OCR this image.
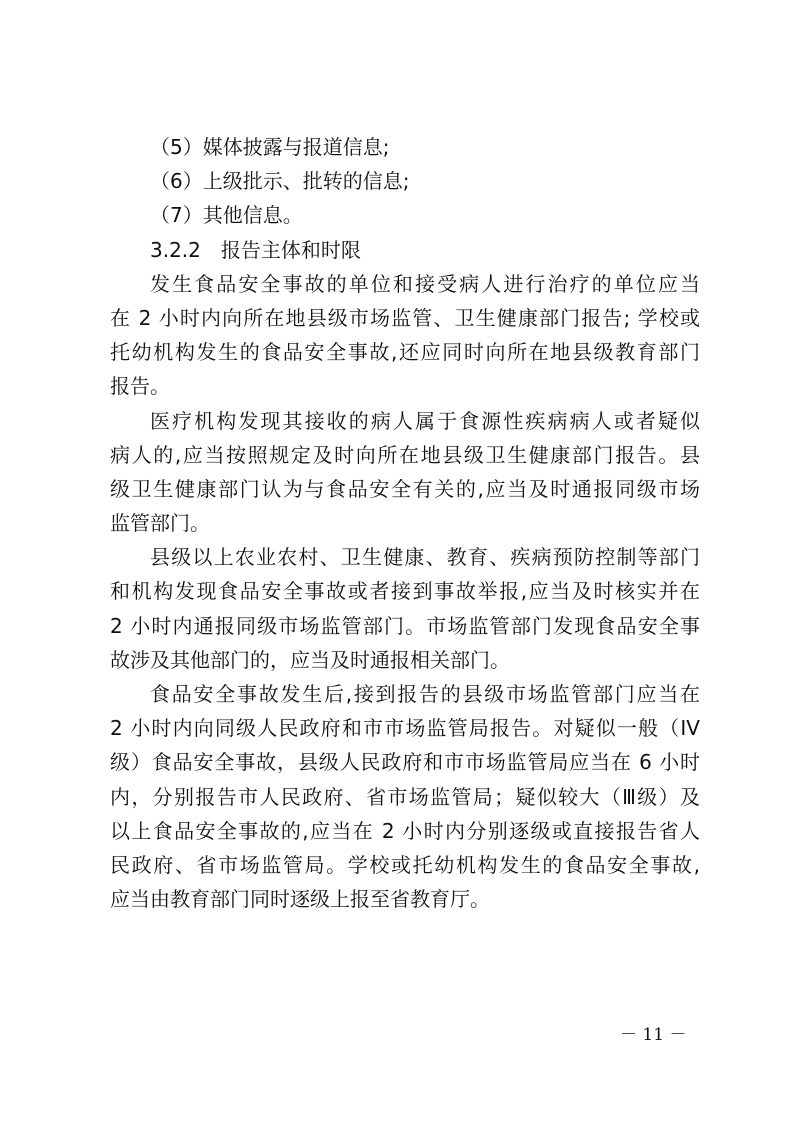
（5）媒体披露与报道信息;
（6）上级批示、批转的信息;
（7）其他信息。
3.2.2　报告主体和时限
发生食品安全事故的单位和接受病人进行治疗的单位应当
在 2 小时内向所在地县级市场监管、卫生健康部门报告; 学校或
托幼机构发生的食品安全事故,还应同时向所在地县级教育部门
报告。
医疗机构发现其接收的病人属于食源性疾病病人或者疑似
病人的,应当按照规定及时向所在地县级卫生健康部门报告。县
级卫生健康部门认为与食品安全有关的,应当及时通报同级市场
监管部门。
县级以上农业农村、卫生健康、教育、疾病预防控制等部门
和机构发现食品安全事故或者接到事故举报,应当及时核实并在
2 小时内通报同级市场监管部门。市场监管部门发现食品安全事
故涉及其他部门的，应当及时通报相关部门。
食品安全事故发生后,接到报告的县级市场监管部门应当在
2 小时内向同级人民政府和市市场监管局报告。对疑似一般（IV
级）食品安全事故，县级人民政府和市市场监管局应当在 6 小时
内，分别报告市人民政府、省市场监管局；疑似较大（Ⅲ级）及
以上食品安全事故的,应当在 2 小时内分别逐级或直接报告省人
民政府、省市场监管局。学校或托幼机构发生的食品安全事故,
应当由教育部门同时逐级上报至省教育厅。
－ 11 －
